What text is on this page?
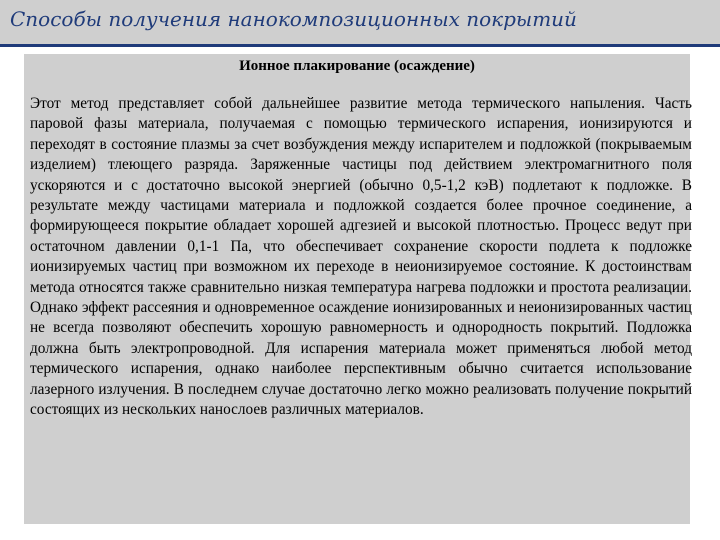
Способы получения нанокомпозиционных покрытий
Ионное плакирование (осаждение)

Этот метод представляет собой дальнейшее развитие метода термического напыления. Часть паровой фазы материала, получаемая с помощью термического испарения, ионизируются и переходят в состояние плазмы за счет возбуждения между испарителем и подложкой (покрываемым изделием) тлеющего разряда. Заряженные частицы под действием электромагнитного поля ускоряются и с достаточно высокой энергией (обычно 0,5-1,2 кэВ) подлетают к подложке. В результате между частицами материала и подложкой создается более прочное соединение, а формирующееся покрытие обладает хорошей адгезией и высокой плотностью. Процесс ведут при остаточном давлении 0,1-1 Па, что обеспечивает сохранение скорости подлета к подложке ионизируемых частиц при возможном их переходе в неионизируемое состояние. К достоинствам метода относятся также сравнительно низкая температура нагрева подложки и простота реализации. Однако эффект рассеяния и одновременное осаждение ионизированных и неионизированных частиц не всегда позволяют обеспечить хорошую равномерность и однородность покрытий. Подложка должна быть электропроводной. Для испарения материала может применяться любой метод термического испарения, однако наиболее перспективным обычно считается использование лазерного излучения. В последнем случае достаточно легко можно реализовать получение покрытий состоящих из нескольких нанослоев различных материалов.
